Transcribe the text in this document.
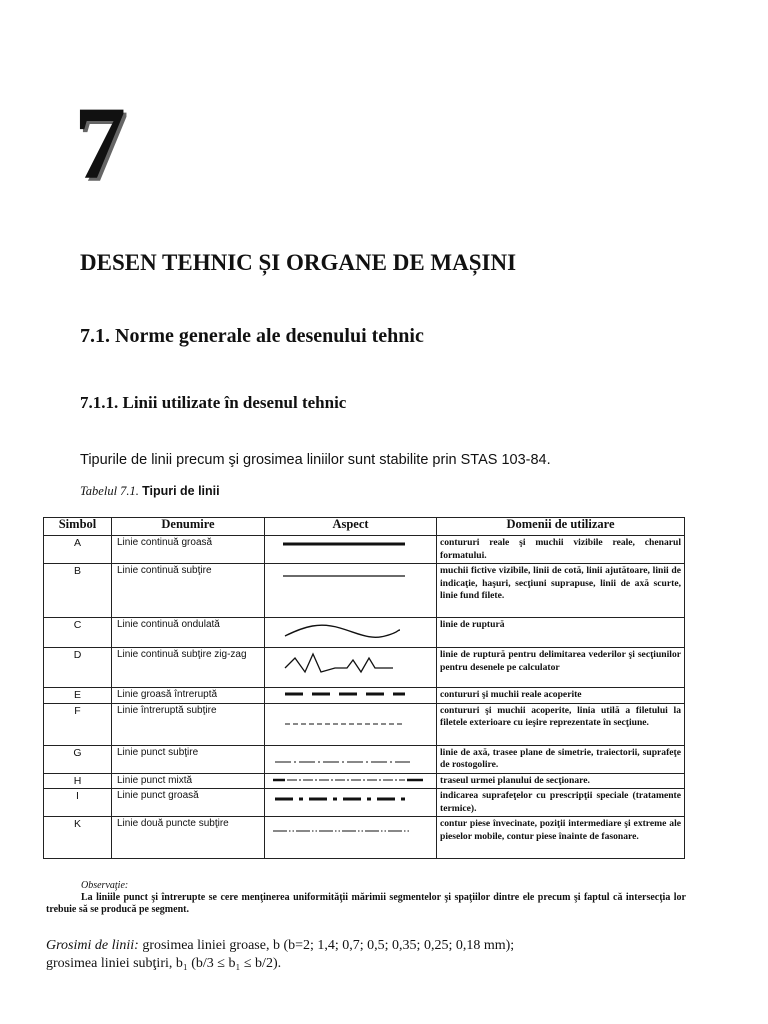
7
DESEN TEHNIC ȘI ORGANE DE MAȘINI
7.1. Norme generale ale desenului tehnic
7.1.1. Linii utilizate în desenul tehnic
Tipurile de linii precum şi grosimea liniilor sunt stabilite prin STAS 103-84.
Tabelul 7.1. Tipuri de linii
Simbol	Denumire	Aspect	Domenii de utilizare
A	Linie continuă groasă		contururi reale şi muchii vizibile reale, chenarul formatului.
B	Linie continuă subţire		muchii fictive vizibile, linii de cotă, linii ajutătoare, linii de indicaţie, haşuri, secţiuni suprapuse, linii de axă scurte, linie fund filete.
C	Linie continuă ondulată		linie de ruptură
D	Linie continuă subţire zig-zag		linie de ruptură pentru delimitarea vederilor şi secţiunilor pentru desenele pe calculator
E	Linie groasă întreruptă		contururi şi muchii reale acoperite
F	Linie întreruptă subţire		contururi şi muchii acoperite, linia utilă a filetului la filetele exterioare cu ieşire reprezentate în secţiune.
G	Linie punct subţire		linie de axă, trasee plane de simetrie, traiectorii, suprafeţe de rostogolire.
H	Linie punct mixtă		traseul urmei planului de secţionare.
I	Linie punct groasă		indicarea suprafeţelor cu prescripţii speciale (tratamente termice).
K	Linie două puncte subţire		contur piese învecinate, poziţii intermediare şi extreme ale pieselor mobile, contur piese înainte de fasonare.
Observaţie:
La liniile punct şi întrerupte se cere menţinerea uniformităţii mărimii segmentelor şi spaţiilor dintre ele precum şi faptul că intersecţia lor trebuie să se producă pe segment.
Grosimi de linii: grosimea liniei groase, b (b=2; 1,4; 0,7; 0,5; 0,35; 0,25; 0,18 mm);
grosimea liniei subţiri, b₁ (b/3 ≤ b₁ ≤ b/2).
